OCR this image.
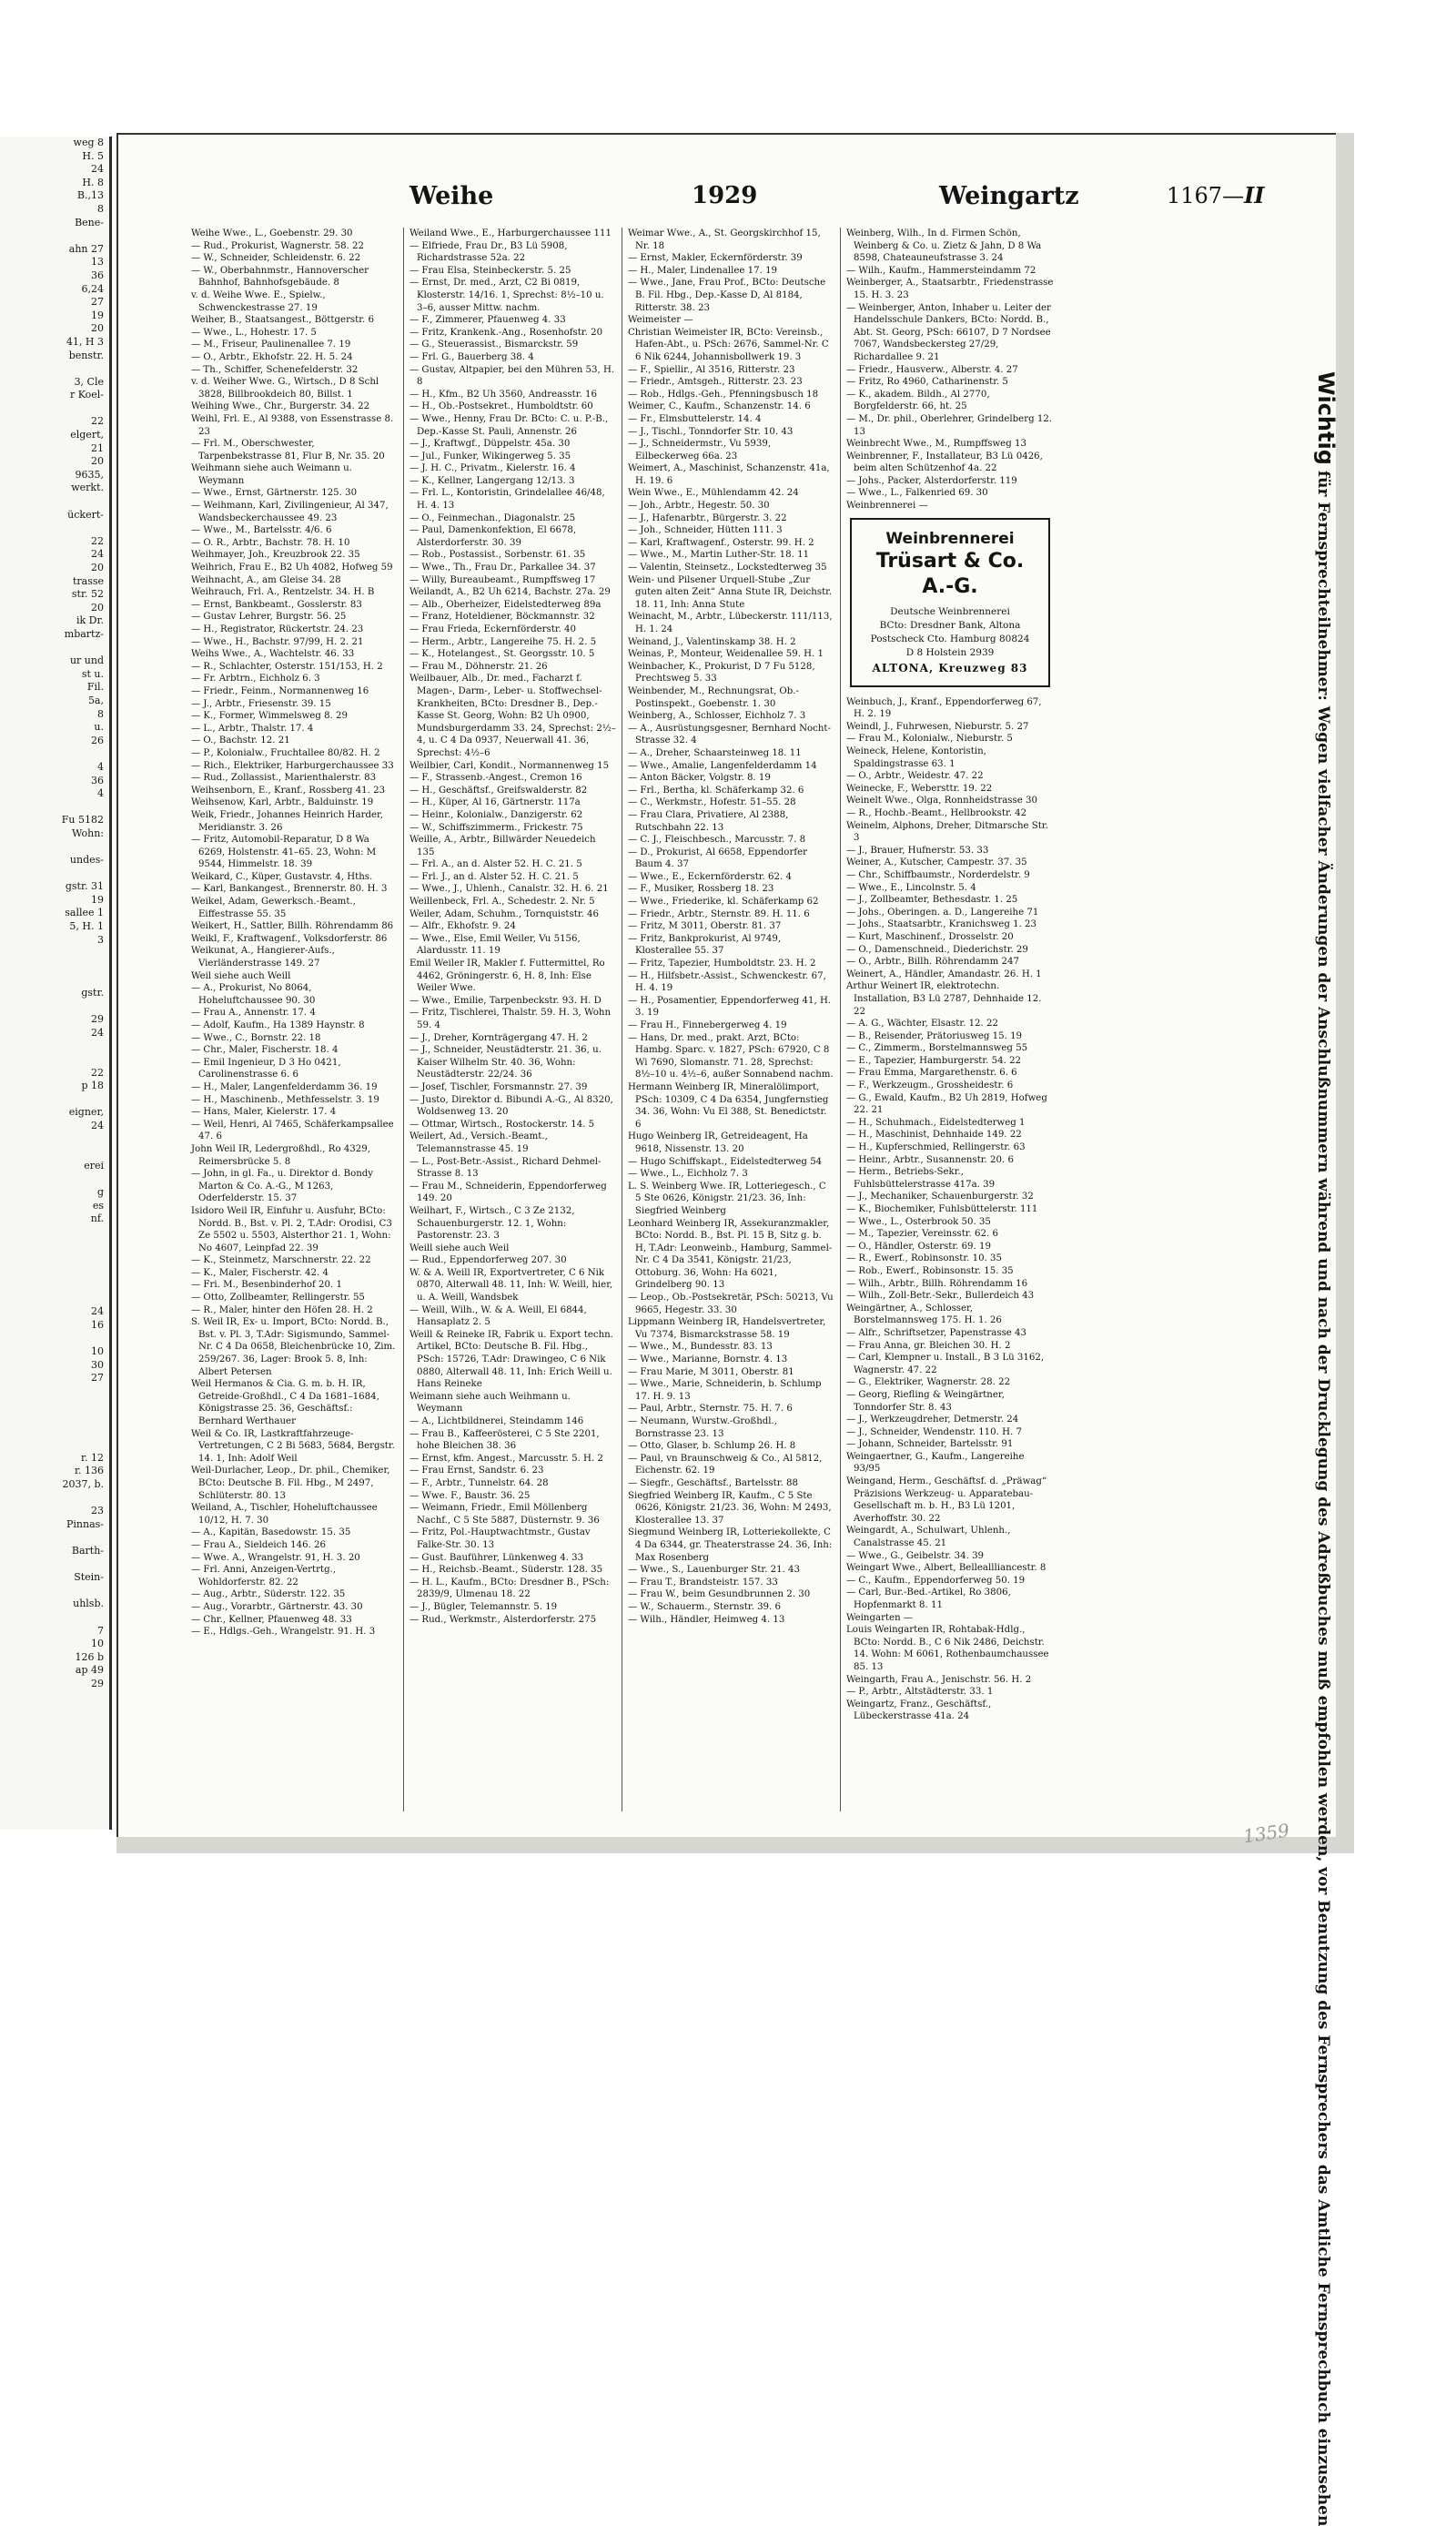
weg 8
H. 5
24
H. 8
B.,13
8
Bene-
ahn 27
13
36
6,24
27
19
20
41, H 3
benstr.
3, Cle
r Koel-
22
elgert,
21
20
9635,
werkt.
ückert-
22
24
20
trasse
str. 52
20
ik Dr.
mbartz-
ur und
st u.
Fil.
5a,
8
u.
26
4
36
4
Fu 5182
Wohn:
undes-
gstr. 31
19
sallee 1
5, H. 1
3
gstr.
29
24
22
p 18
eigner,
24
erei
g
es
nf.
24
16
10
30
27
r. 12
r. 136
2037, b.
23
Pinnas-
Barth-
Stein-
uhlsb.
7
10
126 b
ap 49
29
Weihe	1929	Weingartz	1167—II

Weihe Wwe., L., Goebenstr. 29. 30

— Rud., Prokurist, Wagnerstr. 58. 22

— W., Schneider, Schleidenstr. 6. 22

— W., Oberbahnmstr., Hannoverscher Bahnhof, Bahnhofsgebäude. 8

v. d. Weihe Wwe. E., Spielw., Schwenckestrasse 27. 19

Weiher, B., Staatsangest., Böttgerstr. 6

— Wwe., L., Hohestr. 17. 5

— M., Friseur, Paulinenallee 7. 19

— O., Arbtr., Ekhofstr. 22. H. 5. 24

— Th., Schiffer, Schenefelderstr. 32

v. d. Weiher Wwe. G., Wirtsch., D 8 Schl 3828, Billbrookdeich 80, Billst. 1

Weihing Wwe., Chr., Burgerstr. 34. 22

Weihl, Frl. E., Al 9388, von Essenstrasse 8. 23

— Frl. M., Oberschwester, Tarpenbekstrasse 81, Flur B, Nr. 35. 20

Weihmann siehe auch Weimann u. Weymann

— Wwe., Ernst, Gärtnerstr. 125. 30

— Weihmann, Karl, Zivilingenieur, Al 347, Wandsbeckerchaussee 49. 23

— Wwe., M., Bartelsstr. 4/6. 6

— O. R., Arbtr., Bachstr. 78. H. 10

Weihmayer, Joh., Kreuzbrook 22. 35

Weihrich, Frau E., B2 Uh 4082, Hofweg 59

Weihnacht, A., am Gleise 34. 28

Weihrauch, Frl. A., Rentzelstr. 34. H. B

— Ernst, Bankbeamt., Gosslerstr. 83

— Gustav Lehrer, Burgstr. 56. 25

— H., Registrator, Rückertstr. 24. 23

— Wwe., H., Bachstr. 97/99, H. 2. 21

Weihs Wwe., A., Wachtelstr. 46. 33

— R., Schlachter, Osterstr. 151/153, H. 2

— Fr. Arbtrn., Eichholz 6. 3

— Friedr., Feinm., Normannenweg 16

— J., Arbtr., Friesenstr. 39. 15

— K., Former, Wimmelsweg 8. 29

— L., Arbtr., Thalstr. 17. 4

— O., Bachstr. 12. 21

— P., Kolonialw., Fruchtallee 80/82. H. 2

— Rich., Elektriker, Harburgerchaussee 33

— Rud., Zollassist., Marienthalerstr. 83

Weihsenborn, E., Kranf., Rossberg 41. 23

Weihsenow, Karl, Arbtr., Balduinstr. 19

Weik, Friedr., Johannes Heinrich Harder, Meridianstr. 3. 26

— Fritz, Automobil-Reparatur, D 8 Wa 6269, Holstenstr. 41–65. 23, Wohn: M 9544, Himmelstr. 18. 39

Weikard, C., Küper, Gustavstr. 4, Hths.

— Karl, Bankangest., Brennerstr. 80. H. 3

Weikel, Adam, Gewerksch.-Beamt., Eiffestrasse 55. 35

Weikert, H., Sattler, Billh. Röhrendamm 86

Weikl, F., Kraftwagenf., Volksdorferstr. 86

Weikunat, A., Hangierer-Aufs., Vierländerstrasse 149. 27

Weil siehe auch Weill

— A., Prokurist, No 8064, Hoheluftchaussee 90. 30

— Frau A., Annenstr. 17. 4

— Adolf, Kaufm., Ha 1389 Haynstr. 8

— Wwe., C., Bornstr. 22. 18

— Chr., Maler, Fischerstr. 18. 4

— Emil Ingenieur, D 3 Ho 0421, Carolinenstrasse 6. 6

— H., Maler, Langenfelderdamm 36. 19

— H., Maschinenb., Methfesselstr. 3. 19

— Hans, Maler, Kielerstr. 17. 4

— Weil, Henri, Al 7465, Schäferkampsallee 47. 6

John Weil IR, Ledergroßhdl., Ro 4329, Reimersbrücke 5. 8

— John, in gl. Fa., u. Direktor d. Bondy Marton & Co. A.-G., M 1263, Oderfelderstr. 15. 37

Isidoro Weil IR, Einfuhr u. Ausfuhr, BCto: Nordd. B., Bst. v. Pl. 2, T.Adr: Orodisi, C3 Ze 5502 u. 5503, Alsterthor 21. 1, Wohn: No 4607, Leinpfad 22. 39

— K., Steinmetz, Marschnerstr. 22. 22

— K., Maler, Fischerstr. 42. 4

— Fri. M., Besenbinderhof 20. 1

— Otto, Zollbeamter, Rellingerstr. 55

— R., Maler, hinter den Höfen 28. H. 2

S. Weil IR, Ex- u. Import, BCto: Nordd. B., Bst. v. Pl. 3, T.Adr: Sigismundo, Sammel-Nr. C 4 Da 0658, Bleichenbrücke 10, Zim. 259/267. 36, Lager: Brook 5. 8, Inh: Albert Petersen

Weil Hermanos & Cia. G. m. b. H. IR, Getreide-Großhdl., C 4 Da 1681–1684, Königstrasse 25. 36, Geschäftsf.: Bernhard Werthauer

Weil & Co. IR, Lastkraftfahrzeuge-Vertretungen, C 2 Bi 5683, 5684, Bergstr. 14. 1, Inh: Adolf Weil

Weil-Durlacher, Leop., Dr. phil., Chemiker, BCto: Deutsche B. Fil. Hbg., M 2497, Schlüterstr. 80. 13

Weiland, A., Tischler, Hoheluftchaussee 10/12, H. 7. 30

— A., Kapitän, Basedowstr. 15. 35

— Frau A., Sieldeich 146. 26

— Wwe. A., Wrangelstr. 91, H. 3. 20

— Frl. Anni, Anzeigen-Vertrtg., Wohldorferstr. 82. 22

— Aug., Arbtr., Süderstr. 122. 35

— Aug., Vorarbtr., Gärtnerstr. 43. 30

— Chr., Kellner, Pfauenweg 48. 33

— E., Hdlgs.-Geh., Wrangelstr. 91. H. 3

Weiland Wwe., E., Harburgerchaussee 111

— Elfriede, Frau Dr., B3 Lü 5908, Richardstrasse 52a. 22

— Frau Elsa, Steinbeckerstr. 5. 25

— Ernst, Dr. med., Arzt, C2 Bi 0819, Klosterstr. 14/16. 1, Sprechst: 8½–10 u. 3–6, ausser Mittw. nachm.

— F., Zimmerer, Pfauenweg 4. 33

— Fritz, Krankenk.-Ang., Rosenhofstr. 20

— G., Steuerassist., Bismarckstr. 59

— Frl. G., Bauerberg 38. 4

— Gustav, Altpapier, bei den Mühren 53, H. 8

— H., Kfm., B2 Uh 3560, Andreasstr. 16

— H., Ob.-Postsekret., Humboldtstr. 60

— Wwe., Henny, Frau Dr. BCto: C. u. P.-B., Dep.-Kasse St. Pauli, Annenstr. 26

— J., Kraftwgf., Düppelstr. 45a. 30

— Jul., Funker, Wikingerweg 5. 35

— J. H. C., Privatm., Kielerstr. 16. 4

— K., Kellner, Langergang 12/13. 3

— Frl. L., Kontoristin, Grindelallee 46/48, H. 4. 13

— O., Feinmechan., Diagonalstr. 25

— Paul, Damenkonfektion, El 6678, Alsterdorferstr. 30. 39

— Rob., Postassist., Sorbenstr. 61. 35

— Wwe., Th., Frau Dr., Parkallee 34. 37

— Willy, Bureaubeamt., Rumpffsweg 17

Weilandt, A., B2 Uh 6214, Bachstr. 27a. 29

— Alb., Oberheizer, Eidelstedterweg 89a

— Franz, Hoteldiener, Böckmannstr. 32

— Frau Frieda, Eckernförderstr. 40

— Herm., Arbtr., Langereihe 75. H. 2. 5

— K., Hotelangest., St. Georgsstr. 10. 5

— Frau M., Döhnerstr. 21. 26

Weilbauer, Alb., Dr. med., Facharzt f. Magen-, Darm-, Leber- u. Stoffwechsel-Krankheiten, BCto: Dresdner B., Dep.-Kasse St. Georg, Wohn: B2 Uh 0900, Mundsburgerdamm 33. 24, Sprechst: 2½–4, u. C 4 Da 0937, Neuerwall 41. 36, Sprechst: 4½–6

Weilbier, Carl, Kondit., Normannenweg 15

— F., Strassenb.-Angest., Cremon 16

— H., Geschäftsf., Greifswalderstr. 82

— H., Küper, Al 16, Gärtnerstr. 117a

— Heinr., Kolonialw., Danzigerstr. 62

— W., Schiffszimmerm., Frickestr. 75

Weille, A., Arbtr., Billwärder Neuedeich 135

— Frl. A., an d. Alster 52. H. C. 21. 5

— Frl. J., an d. Alster 52. H. C. 21. 5

— Wwe., J., Uhlenh., Canalstr. 32. H. 6. 21

Weillenbeck, Frl. A., Schedestr. 2. Nr. 5

Weiler, Adam, Schuhm., Tornquiststr. 46

— Alfr., Ekhofstr. 9. 24

— Wwe., Else, Emil Weiler, Vu 5156, Alardusstr. 11. 19

Emil Weiler IR, Makler f. Futtermittel, Ro 4462, Gröningerstr. 6, H. 8, Inh: Else Weiler Wwe.

— Wwe., Emilie, Tarpenbeckstr. 93. H. D

— Fritz, Tischlerei, Thalstr. 59. H. 3, Wohn 59. 4

— J., Dreher, Kornträgergang 47. H. 2

— J., Schneider, Neustädterstr. 21. 36, u. Kaiser Wilhelm Str. 40. 36, Wohn: Neustädterstr. 22/24. 36

— Josef, Tischler, Forsmannstr. 27. 39

— Justo, Direktor d. Bibundi A.-G., Al 8320, Woldsenweg 13. 20

— Ottmar, Wirtsch., Rostockerstr. 14. 5

Weilert, Ad., Versich.-Beamt., Telemannstrasse 45. 19

— L., Post-Betr.-Assist., Richard Dehmel-Strasse 8. 13

— Frau M., Schneiderin, Eppendorferweg 149. 20

Weilhart, F., Wirtsch., C 3 Ze 2132, Schauenburgerstr. 12. 1, Wohn: Pastorenstr. 23. 3

Weill siehe auch Weil

— Rud., Eppendorferweg 207. 30

W. & A. Weill IR, Exportvertreter, C 6 Nik 0870, Alterwall 48. 11, Inh: W. Weill, hier, u. A. Weill, Wandsbek

— Weill, Wilh., W. & A. Weill, El 6844, Hansaplatz 2. 5

Weill & Reineke IR, Fabrik u. Export techn. Artikel, BCto: Deutsche B. Fil. Hbg., PSch: 15726, T.Adr: Drawingeo, C 6 Nik 0880, Alterwall 48. 11, Inh: Erich Weill u. Hans Reineke

Weimann siehe auch Weihmann u. Weymann

— A., Lichtbildnerei, Steindamm 146

— Frau B., Kaffeerösterei, C 5 Ste 2201, hohe Bleichen 38. 36

— Ernst, kfm. Angest., Marcusstr. 5. H. 2

— Frau Ernst, Sandstr. 6. 23

— F., Arbtr., Tunnelstr. 64. 28

— Wwe. F., Baustr. 36. 25

— Weimann, Friedr., Emil Möllenberg Nachf., C 5 Ste 5887, Düsternstr. 9. 36

— Fritz, Pol.-Hauptwachtmstr., Gustav Falke-Str. 30. 13

— Gust. Bauführer, Lünkenweg 4. 33

— H., Reichsb.-Beamt., Süderstr. 128. 35

— H. L., Kaufm., BCto: Dresdner B., PSch: 2839/9, Ulmenau 18. 22

— J., Bügler, Telemannstr. 5. 19

— Rud., Werkmstr., Alsterdorferstr. 275

Weimar Wwe., A., St. Georgskirchhof 15, Nr. 18

— Ernst, Makler, Eckernförderstr. 39

— H., Maler, Lindenallee 17. 19

— Wwe., Jane, Frau Prof., BCto: Deutsche B. Fil. Hbg., Dep.-Kasse D, Al 8184, Ritterstr. 38. 23

Weimeister —

Christian Weimeister IR, BCto: Vereinsb., Hafen-Abt., u. PSch: 2676, Sammel-Nr. C 6 Nik 6244, Johannisbollwerk 19. 3

— F., Spiellir., Al 3516, Ritterstr. 23

— Friedr., Amtsgeh., Ritterstr. 23. 23

— Rob., Hdlgs.-Geh., Pfenningsbusch 18

Weimer, C., Kaufm., Schanzenstr. 14. 6

— Fr., Elmsbuttelerstr. 14. 4

— J., Tischl., Tonndorfer Str. 10. 43

— J., Schneidermstr., Vu 5939, Eilbeckerweg 66a. 23

Weimert, A., Maschinist, Schanzenstr. 41a, H. 19. 6

Wein Wwe., E., Mühlendamm 42. 24

— Joh., Arbtr., Hegestr. 50. 30

— J., Hafenarbtr., Bürgerstr. 3. 22

— Joh., Schneider, Hütten 111. 3

— Karl, Kraftwagenf., Osterstr. 99. H. 2

— Wwe., M., Martin Luther-Str. 18. 11

— Valentin, Steinsetz., Lockstedterweg 35

Wein- und Pilsener Urquell-Stube „Zur guten alten Zeit“ Anna Stute IR, Deichstr. 18. 11, Inh: Anna Stute

Weinacht, M., Arbtr., Lübeckerstr. 111/113, H. 1. 24

Weinand, J., Valentinskamp 38. H. 2

Weinas, P., Monteur, Weidenallee 59. H. 1

Weinbacher, K., Prokurist, D 7 Fu 5128, Prechtsweg 5. 33

Weinbender, M., Rechnungsrat, Ob.-Postinspekt., Goebenstr. 1. 30

Weinberg, A., Schlosser, Eichholz 7. 3

— A., Ausrüstungsgesner, Bernhard Nocht-Strasse 32. 4

— A., Dreher, Schaarsteinweg 18. 11

— Wwe., Amalie, Langenfelderdamm 14

— Anton Bäcker, Volgstr. 8. 19

— Frl., Bertha, kl. Schäferkamp 32. 6

— C., Werkmstr., Hofestr. 51–55. 28

— Frau Clara, Privatiere, Al 2388, Rutschbahn 22. 13

— C. J., Fleischbesch., Marcusstr. 7. 8

— D., Prokurist, Al 6658, Eppendorfer Baum 4. 37

— Wwe., E., Eckernförderstr. 62. 4

— F., Musiker, Rossberg 18. 23

— Wwe., Friederike, kl. Schäferkamp 62

— Friedr., Arbtr., Sternstr. 89. H. 11. 6

— Fritz, M 3011, Oberstr. 81. 37

— Fritz, Bankprokurist, Al 9749, Klosterallee 55. 37

— Fritz, Tapezier, Humboldtstr. 23. H. 2

— H., Hilfsbetr.-Assist., Schwenckestr. 67, H. 4. 19

— H., Posamentier, Eppendorferweg 41, H. 3. 19

— Frau H., Finnebergerweg 4. 19

— Hans, Dr. med., prakt. Arzt, BCto: Hambg. Sparc. v. 1827, PSch: 67920, C 8 Wi 7690, Slomanstr. 71. 28, Sprechst: 8½–10 u. 4½–6, außer Sonnabend nachm.

Hermann Weinberg IR, Mineralölimport, PSch: 10309, C 4 Da 6354, Jungfernstieg 34. 36, Wohn: Vu El 388, St. Benedictstr. 6

Hugo Weinberg IR, Getreideagent, Ha 9618, Nissenstr. 13. 20

— Hugo Schiffskapt., Eidelstedterweg 54

— Wwe., L., Eichholz 7. 3

L. S. Weinberg Wwe. IR, Lotteriegesch., C 5 Ste 0626, Königstr. 21/23. 36, Inh: Siegfried Weinberg

Leonhard Weinberg IR, Assekuranzmakler, BCto: Nordd. B., Bst. Pl. 15 B, Sitz g. b. H, T.Adr: Leonweinb., Hamburg, Sammel-Nr. C 4 Da 3541, Königstr. 21/23, Ottoburg. 36, Wohn: Ha 6021, Grindelberg 90. 13

— Leop., Ob.-Postsekretär, PSch: 50213, Vu 9665, Hegestr. 33. 30

Lippmann Weinberg IR, Handelsvertreter, Vu 7374, Bismarckstrasse 58. 19

— Wwe., M., Bundesstr. 83. 13

— Wwe., Marianne, Bornstr. 4. 13

— Frau Marie, M 3011, Oberstr. 81

— Wwe., Marie, Schneiderin, b. Schlump 17. H. 9. 13

— Paul, Arbtr., Sternstr. 75. H. 7. 6

— Neumann, Wurstw.-Großhdl., Bornstrasse 23. 13

— Otto, Glaser, b. Schlump 26. H. 8

— Paul, vn Braunschweig & Co., Al 5812, Eichenstr. 62. 19

— Siegfr., Geschäftsf., Bartelsstr. 88

Siegfried Weinberg IR, Kaufm., C 5 Ste 0626, Königstr. 21/23. 36, Wohn: M 2493, Klosterallee 13. 37

Siegmund Weinberg IR, Lotteriekollekte, C 4 Da 6344, gr. Theaterstrasse 24. 36, Inh: Max Rosenberg

— Wwe., S., Lauenburger Str. 21. 43

— Frau T., Brandsteistr. 157. 33

— Frau W., beim Gesundbrunnen 2. 30

— W., Schauerm., Sternstr. 39. 6

— Wilh., Händler, Heimweg 4. 13

Weinberg, Wilh., In d. Firmen Schön, Weinberg & Co. u. Zietz & Jahn, D 8 Wa 8598, Chateauneufstrasse 3. 24

— Wilh., Kaufm., Hammersteindamm 72

Weinberger, A., Staatsarbtr., Friedenstrasse 15. H. 3. 23

— Weinberger, Anton, Inhaber u. Leiter der Handelsschule Dankers, BCto: Nordd. B., Abt. St. Georg, PSch: 66107, D 7 Nordsee 7067, Wandsbeckersteg 27/29, Richardallee 9. 21

— Friedr., Hausverw., Alberstr. 4. 27

— Fritz, Ro 4960, Catharinenstr. 5

— K., akadem. Bildh., Al 2770, Borgfelderstr. 66, ht. 25

— M., Dr. phil., Oberlehrer, Grindelberg 12. 13

Weinbrecht Wwe., M., Rumpffsweg 13

Weinbrenner, F., Installateur, B3 Lü 0426, beim alten Schützenhof 4a. 22

— Johs., Packer, Alsterdorferstr. 119

— Wwe., L., Falkenried 69. 30

Weinbrennerei —

Weinbrennerei
Trüsart & Co. A.-G.
Deutsche Weinbrennerei
BCto: Dresdner Bank, Altona
Postscheck Cto. Hamburg 80824
D 8 Holstein 2939
ALTONA, Kreuzweg 83

Weinbuch, J., Kranf., Eppendorferweg 67, H. 2. 19

Weindl, J., Fuhrwesen, Nieburstr. 5. 27

— Frau M., Kolonialw., Nieburstr. 5

Weineck, Helene, Kontoristin, Spaldingstrasse 63. 1

— O., Arbtr., Weidestr. 47. 22

Weinecke, F., Webersttr. 19. 22

Weinelt Wwe., Olga, Ronnheidstrasse 30

— R., Hochb.-Beamt., Hellbrookstr. 42

Weinelm, Alphons, Dreher, Ditmarsche Str. 3

— J., Brauer, Hufnerstr. 53. 33

Weiner, A., Kutscher, Campestr. 37. 35

— Chr., Schiffbaumstr., Norderdelstr. 9

— Wwe., E., Lincolnstr. 5. 4

— J., Zollbeamter, Bethesdastr. 1. 25

— Johs., Oberingen. a. D., Langereihe 71

— Johs., Staatsarbtr., Kranichsweg 1. 23

— Kurt, Maschinenf., Drosselstr. 20

— O., Damenschneid., Diederichstr. 29

— O., Arbtr., Billh. Röhrendamm 247

Weinert, A., Händler, Amandastr. 26. H. 1

Arthur Weinert IR, elektrotechn. Installation, B3 Lü 2787, Dehnhaide 12. 22

— A. G., Wächter, Elsastr. 12. 22

— B., Reisender, Prätoriusweg 15. 19

— C., Zimmerm., Borstelmannsweg 55

— E., Tapezier, Hamburgerstr. 54. 22

— Frau Emma, Margarethenstr. 6. 6

— F., Werkzeugm., Grossheidestr. 6

— G., Ewald, Kaufm., B2 Uh 2819, Hofweg 22. 21

— H., Schuhmach., Eidelstedterweg 1

— H., Maschinist, Dehnhaide 149. 22

— H., Kupferschmied, Rellingerstr. 63

— Heinr., Arbtr., Susannenstr. 20. 6

— Herm., Betriebs-Sekr., Fuhlsbüttelerstrasse 417a. 39

— J., Mechaniker, Schauenburgerstr. 32

— K., Biochemiker, Fuhlsbüttelerstr. 111

— Wwe., L., Osterbrook 50. 35

— M., Tapezier, Vereinsstr. 62. 6

— O., Händler, Osterstr. 69. 19

— R., Ewerf., Robinsonstr. 10. 35

— Rob., Ewerf., Robinsonstr. 15. 35

— Wilh., Arbtr., Billh. Röhrendamm 16

— Wilh., Zoll-Betr.-Sekr., Bullerdeich 43

Weingärtner, A., Schlosser, Borstelmannsweg 175. H. 1. 26

— Alfr., Schriftsetzer, Papenstrasse 43

— Frau Anna, gr. Bleichen 30. H. 2

— Carl, Klempner u. Install., B 3 Lü 3162, Wagnerstr. 47. 22

— G., Elektriker, Wagnerstr. 28. 22

— Georg, Riefling & Weingärtner, Tonndorfer Str. 8. 43

— J., Werkzeugdreher, Detmerstr. 24

— J., Schneider, Wendenstr. 110. H. 7

— Johann, Schneider, Bartelsstr. 91

Weingaertner, G., Kaufm., Langereihe 93/95

Weingand, Herm., Geschäftsf. d. „Präwag“ Präzisions Werkzeug- u. Apparatebau-Gesellschaft m. b. H., B3 Lü 1201, Averhoffstr. 30. 22

Weingardt, A., Schulwart, Uhlenh., Canalstrasse 45. 21

— Wwe., G., Geibelstr. 34. 39

Weingart Wwe., Albert, Belleallliancestr. 8

— C., Kaufm., Eppendorferweg 50. 19

— Carl, Bur.-Bed.-Artikel, Ro 3806, Hopfenmarkt 8. 11

Weingarten —

Louis Weingarten IR, Rohtabak-Hdlg., BCto: Nordd. B., C 6 Nik 2486, Deichstr. 14. Wohn: M 6061, Rothenbaumchaussee 85. 13

Weingarth, Frau A., Jenischstr. 56. H. 2

— P., Arbtr., Altstädterstr. 33. 1

Weingartz, Franz., Geschäftsf., Lübeckerstrasse 41a. 24

Wichtig für Fernsprechteilnehmer: Wegen vielfacher Änderungen der Anschlußnummern während und nach der Drucklegung des Adreßbuches muß empfohlen werden, vor Benutzung des Fernsprechers das Amtliche Fernsprechbuch einzusehen
1359
